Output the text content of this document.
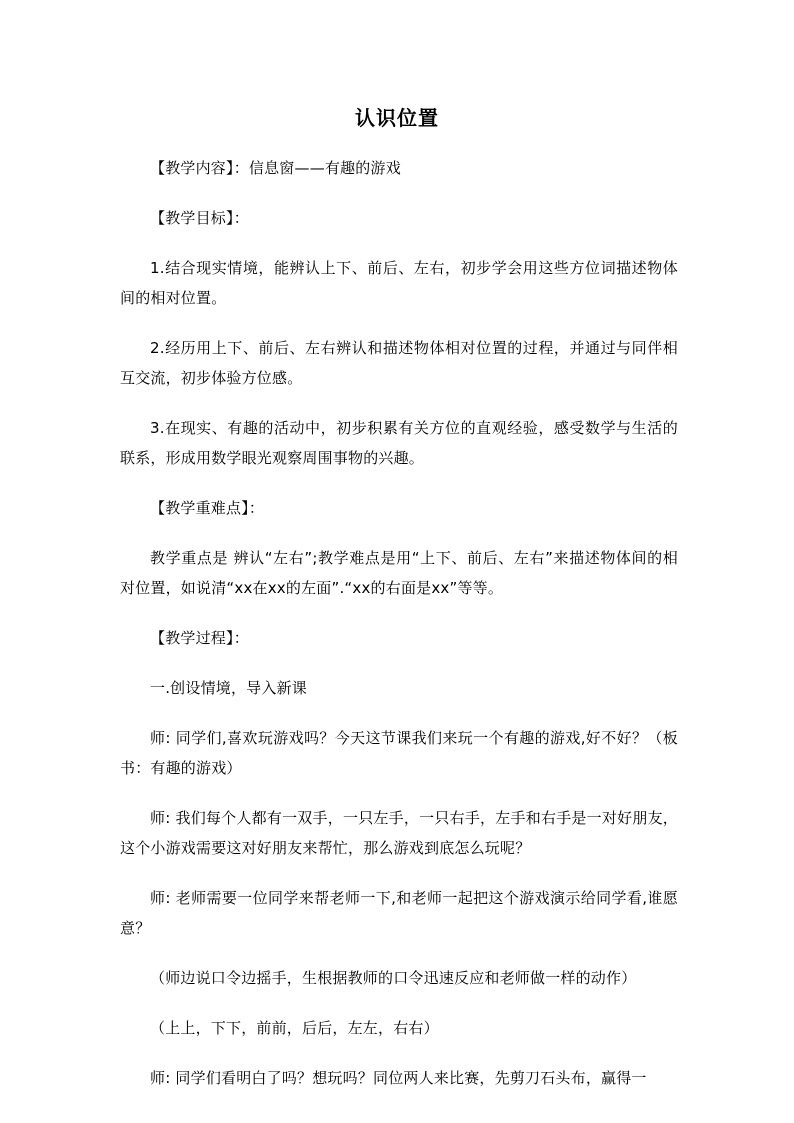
认识位置

【教学内容】：信息窗——有趣的游戏

【教学目标】：

1.结合现实情境，能辨认上下、前后、左右，初步学会用这些方位词描述物体间的相对位置。

2.经历用上下、前后、左右辨认和描述物体相对位置的过程，并通过与同伴相互交流，初步体验方位感。

3.在现实、有趣的活动中，初步积累有关方位的直观经验，感受数学与生活的联系，形成用数学眼光观察周围事物的兴趣。

【教学重难点】：

教学重点是 辨认“左右”;教学难点是用“上下、前后、左右”来描述物体间的相对位置，如说清“xx在xx的左面”.“xx的右面是xx”等等。

【教学过程】：

一.创设情境，导入新课

师: 同学们,喜欢玩游戏吗？今天这节课我们来玩一个有趣的游戏,好不好？（板书：有趣的游戏）

师: 我们每个人都有一双手，一只左手，一只右手，左手和右手是一对好朋友，这个小游戏需要这对好朋友来帮忙，那么游戏到底怎么玩呢？

师: 老师需要一位同学来帮老师一下,和老师一起把这个游戏演示给同学看,谁愿意？

（师边说口令边摇手，生根据教师的口令迅速反应和老师做一样的动作）

（上上，下下，前前，后后，左左，右右）

师: 同学们看明白了吗？想玩吗？同位两人来比赛，先剪刀石头布，赢得一
